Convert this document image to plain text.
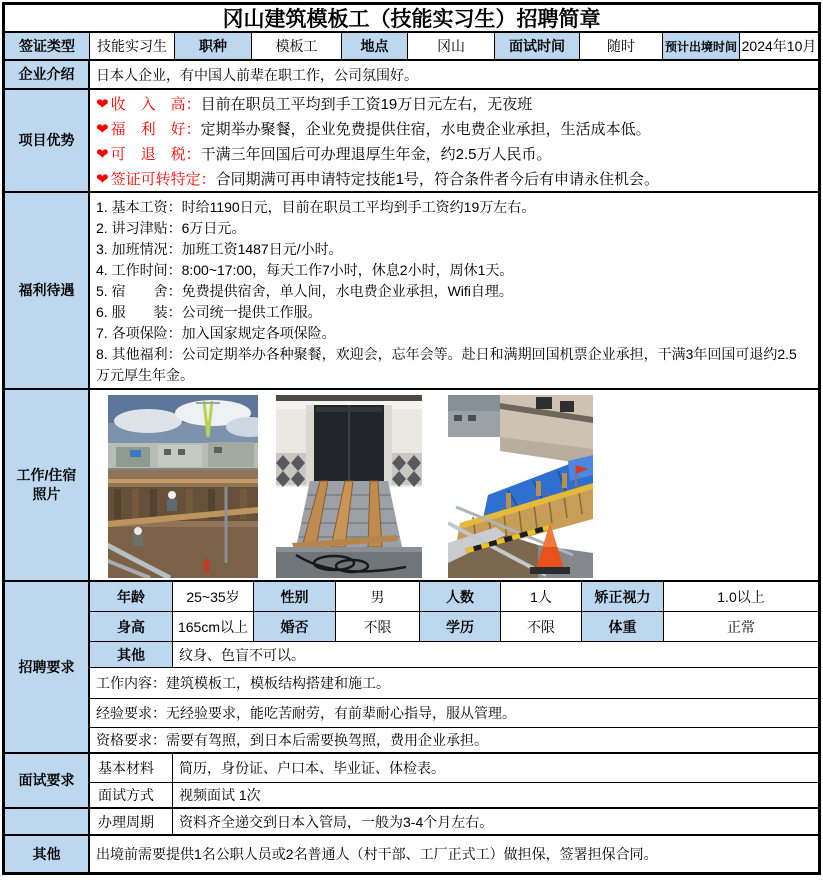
冈山建筑模板工（技能实习生）招聘简章
签证类型	技能实习生	职种	模板工	地点	冈山	面试时间	随时	预计出境时间 2024年10月
企业介绍	日本人企业，有中国人前辈在职工作，公司氛围好。
项目优势
❤ 收　入　高：目前在职员工平均到手工资19万日元左右，无夜班
❤ 福　利　好：定期举办聚餐，企业免费提供住宿，水电费企业承担，生活成本低。
❤ 可　退　税：干满三年回国后可办理退厚生年金，约2.5万人民币。
❤ 签证可转特定：合同期满可再申请特定技能1号，符合条件者今后有申请永住机会。
福利待遇
1. 基本工资：时给1190日元，目前在职员工平均到手工资约19万左右。
2. 讲习津贴：6万日元。
3. 加班情况：加班工资1487日元/小时。
4. 工作时间：8:00~17:00，每天工作7小时，休息2小时，周休1天。
5. 宿　　舍：免费提供宿舍，单人间，水电费企业承担，Wifi自理。
6. 服　　装：公司统一提供工作服。
7. 各项保险：加入国家规定各项保险。
8. 其他福利：公司定期举办各种聚餐，欢迎会，忘年会等。赴日和满期回国机票企业承担，干满3年回国可退约2.5万元厚生年金。
工作/住宿
照片
招聘要求
年龄	25~35岁	性别	男	人数	1人	矫正视力	1.0以上
身高	165cm以上	婚否	不限	学历	不限	体重	正常
其他	纹身、色盲不可以。
工作内容：建筑模板工，模板结构搭建和施工。
经验要求：无经验要求，能吃苦耐劳，有前辈耐心指导，服从管理。
资格要求：需要有驾照，到日本后需要换驾照，费用企业承担。
面试要求
基本材料	简历，身份证、户口本、毕业证、体检表。
面试方式	视频面试 1次
办理周期	资料齐全递交到日本入管局，一般为3-4个月左右。
其他	出境前需要提供1名公职人员或2名普通人（村干部、工厂正式工）做担保，签署担保合同。
